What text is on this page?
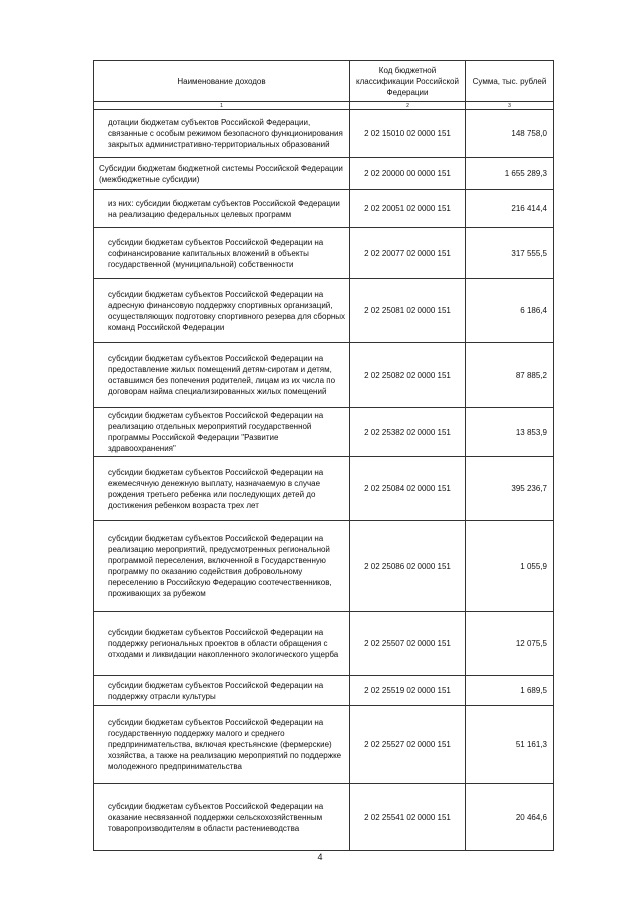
Наименование доходов	Код бюджетной классификации Российской Федерации	Сумма, тыс. рублей
1	2	3
дотации бюджетам субъектов Российской Федерации, связанные с особым режимом безопасного функционирования закрытых административно-территориальных образований	2 02 15010 02 0000 151	148 758,0
Субсидии бюджетам бюджетной системы Российской Федерации (межбюджетные субсидии)	2 02 20000 00 0000 151	1 655 289,3
из них: субсидии бюджетам субъектов Российской Федерации на реализацию федеральных целевых программ	2 02 20051 02 0000 151	216 414,4
субсидии бюджетам субъектов Российской Федерации на софинансирование капитальных вложений в объекты государственной (муниципальной) собственности	2 02 20077 02 0000 151	317 555,5
субсидии бюджетам субъектов Российской Федерации на адресную финансовую поддержку спортивных организаций, осуществляющих подготовку спортивного резерва для сборных команд Российской Федерации	2 02 25081 02 0000 151	6 186,4
субсидии бюджетам субъектов Российской Федерации на предоставление жилых помещений детям-сиротам и детям, оставшимся без попечения родителей, лицам из их числа по договорам найма специализированных жилых помещений	2 02 25082 02 0000 151	87 885,2
субсидии бюджетам субъектов Российской Федерации на реализацию отдельных мероприятий государственной программы Российской Федерации "Развитие здравоохранения"	2 02 25382 02 0000 151	13 853,9
субсидии бюджетам субъектов Российской Федерации на ежемесячную денежную выплату, назначаемую в случае рождения третьего ребенка или последующих детей до достижения ребенком возраста трех лет	2 02 25084 02 0000 151	395 236,7
субсидии бюджетам субъектов Российской Федерации на реализацию мероприятий, предусмотренных региональной программой переселения, включенной в Государственную программу по оказанию содействия добровольному переселению в Российскую Федерацию соотечественников, проживающих за рубежом	2 02 25086 02 0000 151	1 055,9
субсидии бюджетам субъектов Российской Федерации на поддержку региональных проектов в области обращения с отходами и ликвидации накопленного экологического ущерба	2 02 25507 02 0000 151	12 075,5
субсидии бюджетам субъектов Российской Федерации на поддержку отрасли культуры	2 02 25519 02 0000 151	1 689,5
субсидии бюджетам субъектов Российской Федерации на государственную поддержку малого и среднего предпринимательства, включая крестьянские (фермерские) хозяйства, а также на реализацию мероприятий по поддержке молодежного предпринимательства	2 02 25527 02 0000 151	51 161,3
субсидии бюджетам субъектов Российской Федерации на оказание несвязанной поддержки сельскохозяйственным товаропроизводителям в области растениеводства	2 02 25541 02 0000 151	20 464,6
4
